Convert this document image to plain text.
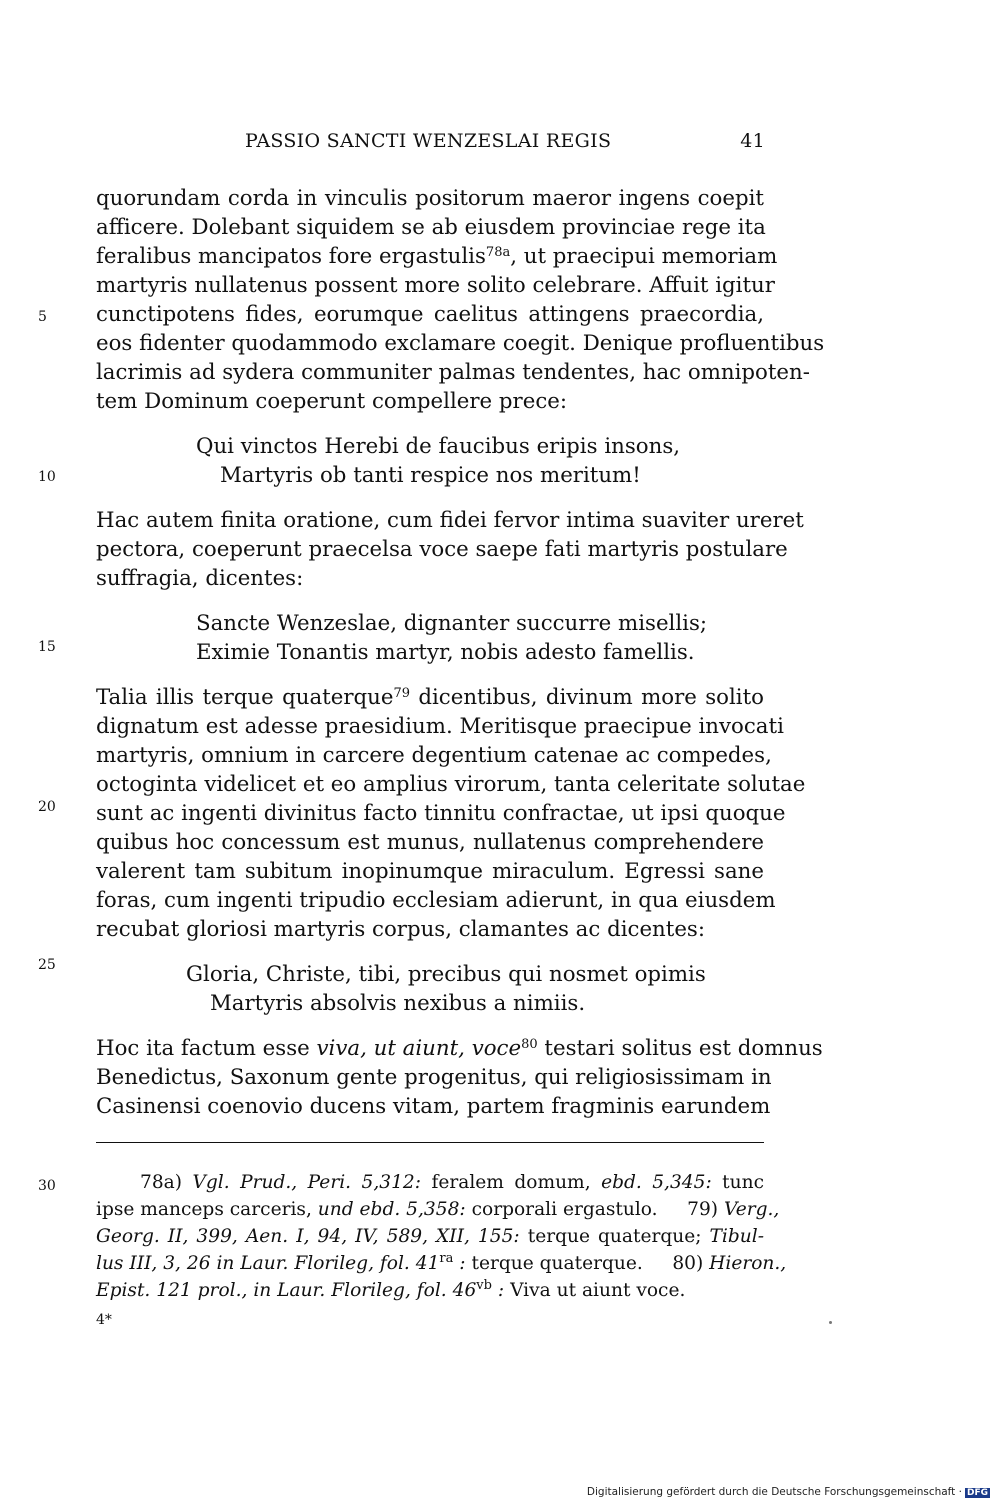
PASSIO SANCTI WENZESLAI REGIS	41
5
10
15
20
25
30
quorundam corda in vinculis positorum maeror ingens coepit
afficere. Dolebant siquidem se ab eiusdem provinciae rege ita
feralibus mancipatos fore ergastulis$^{78a}$, ut praecipui memoriam
martyris nullatenus possent more solito celebrare. Affuit igitur
cunctipotens fides, eorumque caelitus attingens praecordia,
eos fidenter quodammodo exclamare coegit. Denique profluentibus
lacrimis ad sydera communiter palmas tendentes, hac omnipoten-
tem Dominum coeperunt compellere prece:
Qui vinctos Herebi de faucibus eripis insons,
Martyris ob tanti respice nos meritum!
Hac autem finita oratione, cum fidei fervor intima suaviter ureret
pectora, coeperunt praecelsa voce saepe fati martyris postulare
suffragia, dicentes:
Sancte Wenzeslae, dignanter succurre misellis;
Eximie Tonantis martyr, nobis adesto famellis.
Talia illis terque quaterque$^{79}$ dicentibus, divinum more solito
dignatum est adesse praesidium. Meritisque praecipue invocati
martyris, omnium in carcere degentium catenae ac compedes,
octoginta videlicet et eo amplius virorum, tanta celeritate solutae
sunt ac ingenti divinitus facto tinnitu confractae, ut ipsi quoque
quibus hoc concessum est munus, nullatenus comprehendere
valerent tam subitum inopinumque miraculum. Egressi sane
foras, cum ingenti tripudio ecclesiam adierunt, in qua eiusdem
recubat gloriosi martyris corpus, clamantes ac dicentes:
Gloria, Christe, tibi, precibus qui nosmet opimis
Martyris absolvis nexibus a nimiis.
Hoc ita factum esse viva, ut aiunt, voce$^{80}$ testari solitus est domnus
Benedictus, Saxonum gente progenitus, qui religiosissimam in
Casinensi coenovio ducens vitam, partem fragminis earundem
78a) Vgl. Prud., Peri. 5,312: feralem domum, ebd. 5,345: tunc
ipse manceps carceris, und ebd. 5,358: corporali ergastulo. 79) Verg.,
Georg. II, 399, Aen. I, 94, IV, 589, XII, 155: terque quaterque; Tibul-
lus III, 3, 26 in Laur. Florileg, fol. $41^{ra}$ : terque quaterque. 80) Hieron.,
Epist. 121 prol., in Laur. Florileg, fol. $46^{vb}$ : Viva ut aiunt voce.
4*
Digitalisierung gefördert durch die Deutsche Forschungsgemeinschaft · DFG
